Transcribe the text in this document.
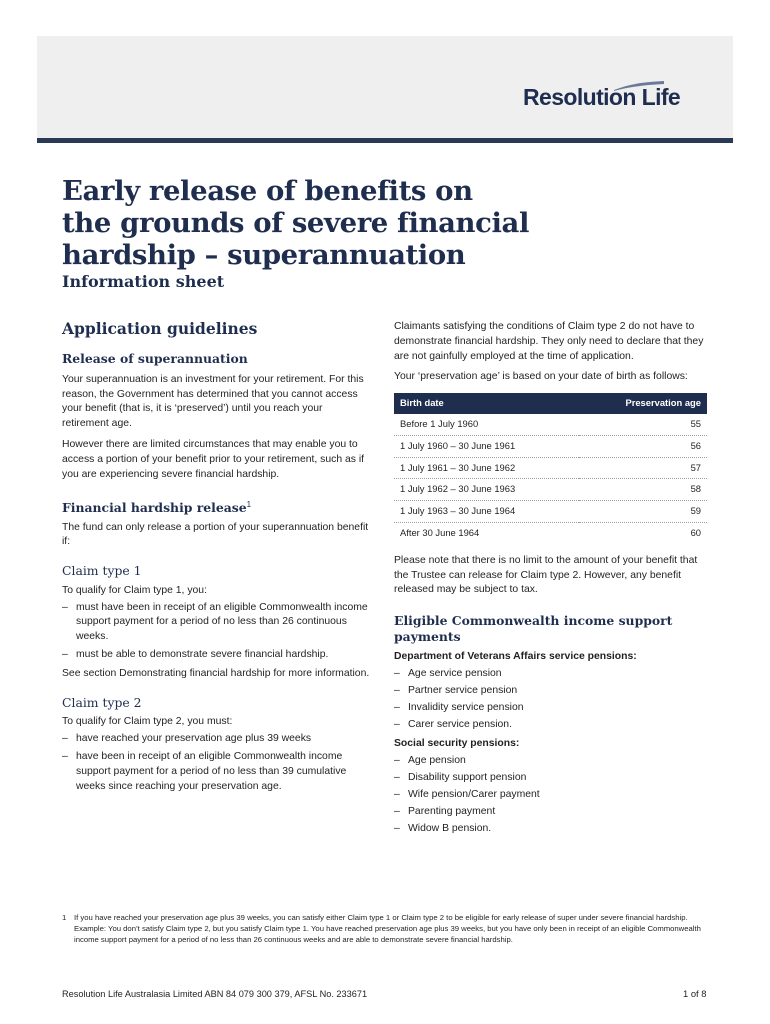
Resolution Life
Early release of benefits on
the grounds of severe financial
hardship – superannuation
Information sheet
Application guidelines
Release of superannuation

Your superannuation is an investment for your retirement. For this reason, the Government has determined that you cannot access your benefit (that is, it is ‘preserved’) until you reach your retirement age.

However there are limited circumstances that may enable you to access a portion of your benefit prior to your retirement, such as if you are experiencing severe financial hardship.

Financial hardship release$^1$

The fund can only release a portion of your superannuation benefit if:

Claim type 1

To qualify for Claim type 1, you:

– must have been in receipt of an eligible Commonwealth income support payment for a period of no less than 26 continuous weeks.
– must be able to demonstrate severe financial hardship.

See section Demonstrating financial hardship for more information.

Claim type 2

To qualify for Claim type 2, you must:

– have reached your preservation age plus 39 weeks
– have been in receipt of an eligible Commonwealth income support payment for a period of no less than 39 cumulative weeks since reaching your preservation age.

Claimants satisfying the conditions of Claim type 2 do not have to demonstrate financial hardship. They only need to declare that they are not gainfully employed at the time of application.

Your ‘preservation age’ is based on your date of birth as follows:

Birth date	Preservation age
Before 1 July 1960	55
1 July 1960 – 30 June 1961	56
1 July 1961 – 30 June 1962	57
1 July 1962 – 30 June 1963	58
1 July 1963 – 30 June 1964	59
After 30 June 1964	60

Please note that there is no limit to the amount of your benefit that the Trustee can release for Claim type 2. However, any benefit released may be subject to tax.

Eligible Commonwealth income support payments

Department of Veterans Affairs service pensions:

– Age service pension
– Partner service pension
– Invalidity service pension
– Carer service pension.

Social security pensions:

– Age pension
– Disability support pension
– Wife pension/Carer payment
– Parenting payment
– Widow B pension.
1	If you have reached your preservation age plus 39 weeks, you can satisfy either Claim type 1 or Claim type 2 to be eligible for early release of super under severe financial hardship. Example: You don’t satisfy Claim type 2, but you satisfy Claim type 1. You have reached preservation age plus 39 weeks, but you have only been in receipt of an eligible Commonwealth income support payment for a period of no less than 26 continuous weeks and are able to demonstrate severe financial hardship.
Resolution Life Australasia Limited ABN 84 079 300 379, AFSL No. 233671	1 of 8
